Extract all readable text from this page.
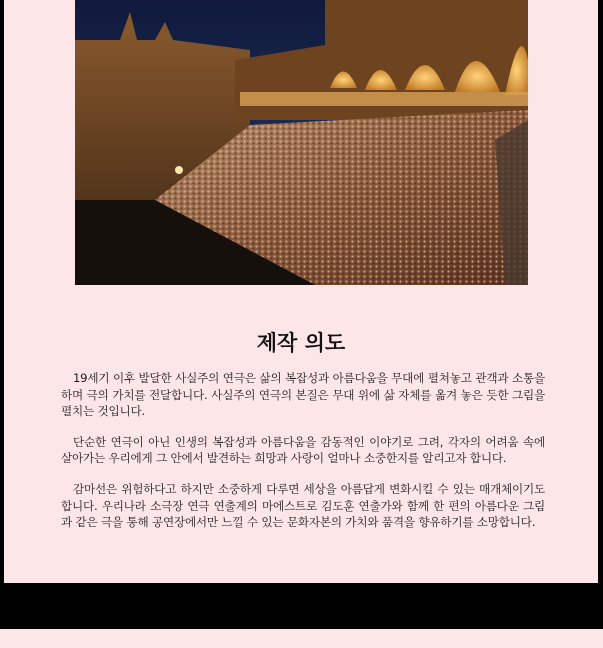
제작 의도

19세기 이후 발달한 사실주의 연극은 삶의 복잡성과 아름다움을 무대에 펼쳐놓고 관객과 소통을하며 극의 가치를 전달합니다. 사실주의 연극의 본질은 무대 위에 삶 자체를 옮겨 놓은 듯한 그림을 펼치는 것입니다.

단순한 연극이 아닌 인생의 복잡성과 아름다움을 감동적인 이야기로 그려, 각자의 어려움 속에 살아가는 우리에게 그 안에서 발견하는 희망과 사랑이 얼마나 소중한지를 알리고자 합니다.

감마선은 위험하다고 하지만 소중하게 다루면 세상을 아름답게 변화시킬 수 있는 매개체이기도 합니다. 우리나라 소극장 연극 연출계의 마에스트로 김도훈 연출가와 함께 한 편의 아름다운 그림과 같은 극을 통해 공연장에서만 느낄 수 있는 문화자본의 가치와 품격을 향유하기를 소망합니다.
